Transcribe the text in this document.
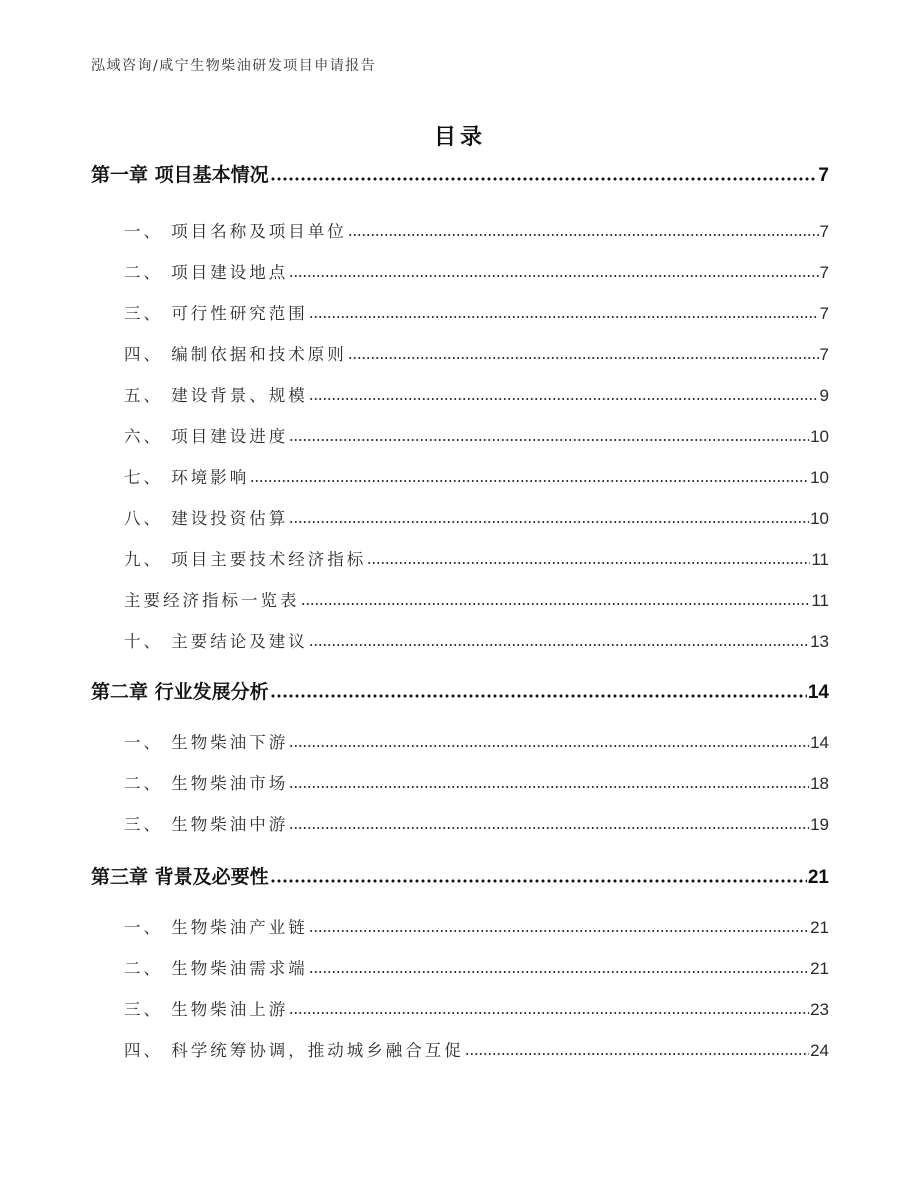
泓域咨询/咸宁生物柴油研发项目申请报告
目录
第一章 项目基本情况	7
一、 项目名称及项目单位	7
二、 项目建设地点	7
三、 可行性研究范围	7
四、 编制依据和技术原则	7
五、 建设背景、规模	9
六、 项目建设进度	10
七、 环境影响	10
八、 建设投资估算	10
九、 项目主要技术经济指标	11
主要经济指标一览表	11
十、 主要结论及建议	13
第二章 行业发展分析	14
一、 生物柴油下游	14
二、 生物柴油市场	18
三、 生物柴油中游	19
第三章 背景及必要性	21
一、 生物柴油产业链	21
二、 生物柴油需求端	21
三、 生物柴油上游	23
四、 科学统筹协调，推动城乡融合互促	24
